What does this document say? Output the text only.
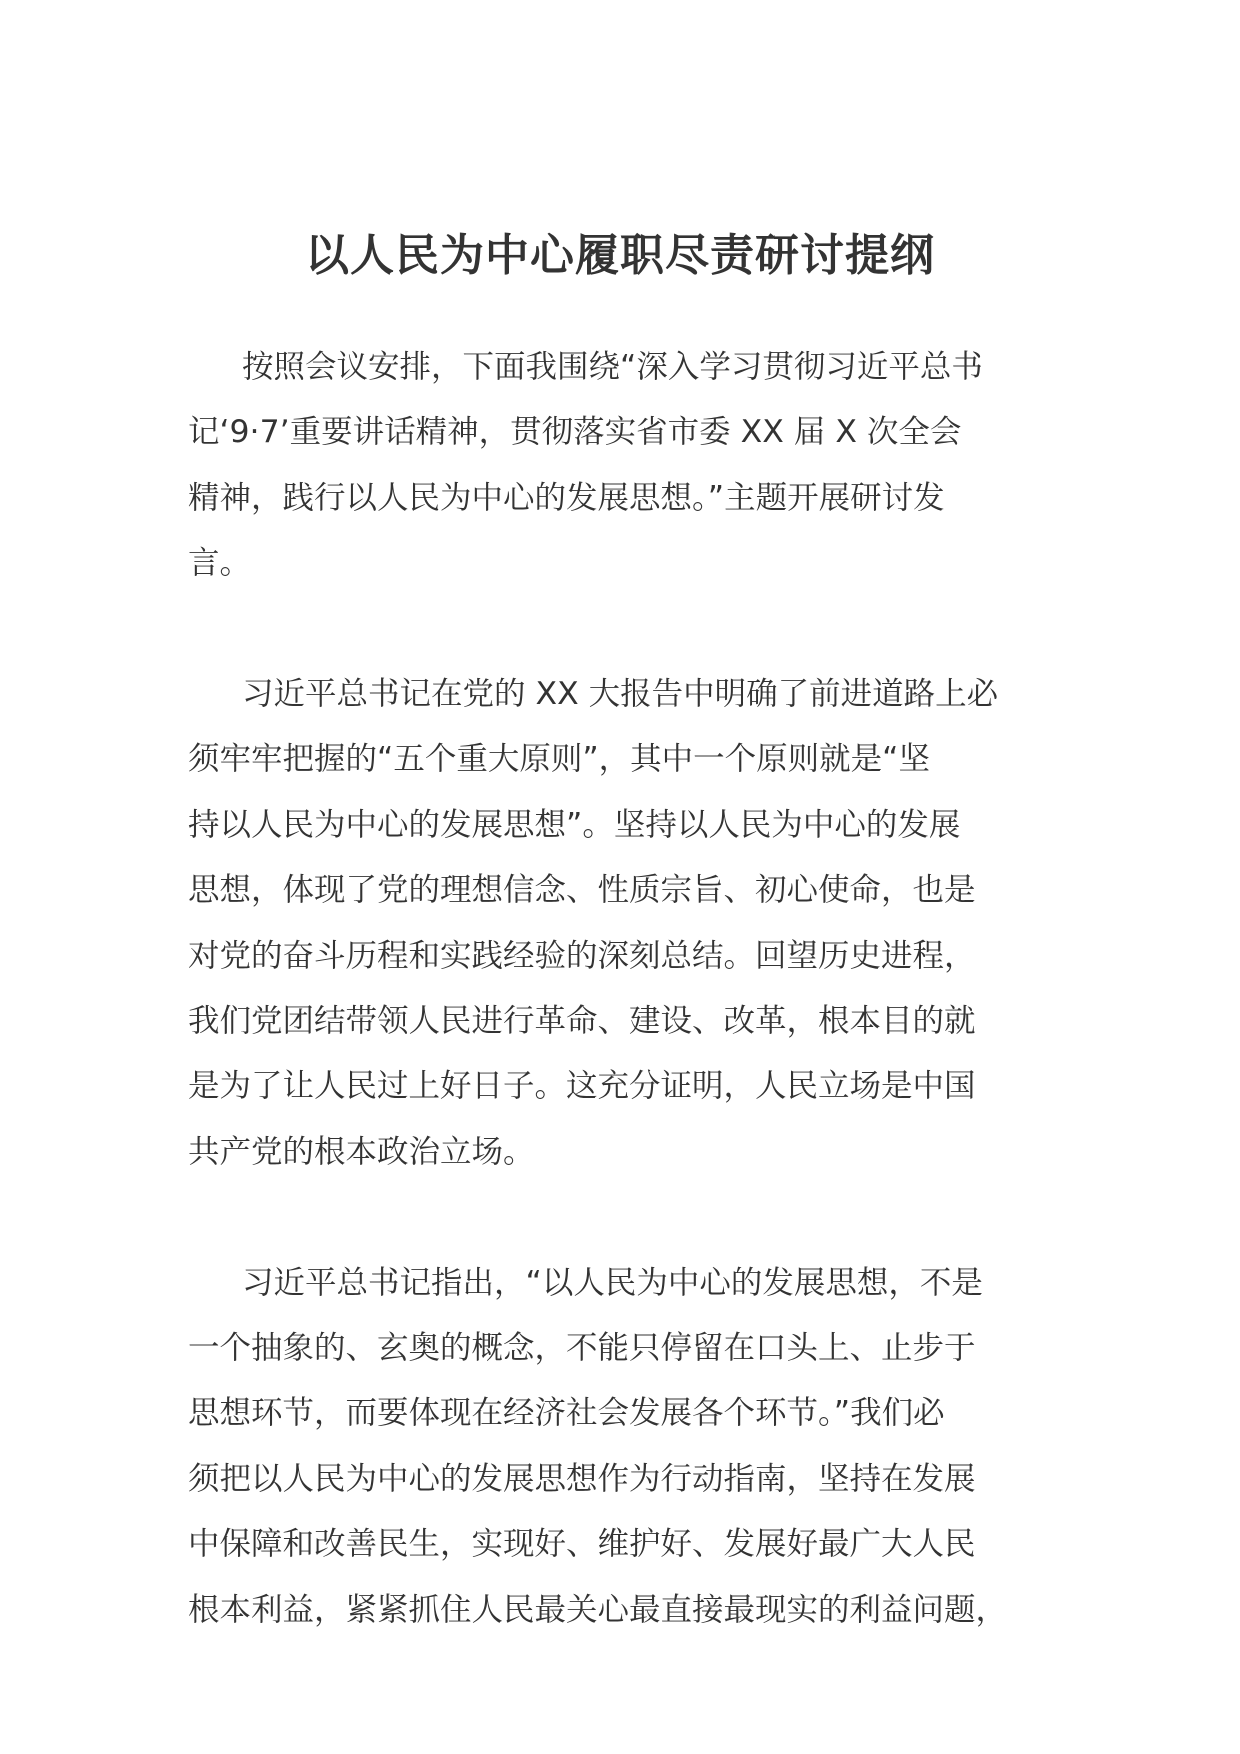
以人民为中心履职尽责研讨提纲

按照会议安排，下面我围绕“深入学习贯彻习近平总书
记‘9·7’重要讲话精神，贯彻落实省市委 XX 届 X 次全会
精神，践行以人民为中心的发展思想。”主题开展研讨发
言。

习近平总书记在党的 XX 大报告中明确了前进道路上必
须牢牢把握的“五个重大原则”，其中一个原则就是“坚
持以人民为中心的发展思想”。坚持以人民为中心的发展
思想，体现了党的理想信念、性质宗旨、初心使命，也是
对党的奋斗历程和实践经验的深刻总结。回望历史进程，
我们党团结带领人民进行革命、建设、改革，根本目的就
是为了让人民过上好日子。这充分证明，人民立场是中国
共产党的根本政治立场。

习近平总书记指出，“以人民为中心的发展思想，不是
一个抽象的、玄奥的概念，不能只停留在口头上、止步于
思想环节，而要体现在经济社会发展各个环节。”我们必
须把以人民为中心的发展思想作为行动指南，坚持在发展
中保障和改善民生，实现好、维护好、发展好最广大人民
根本利益，紧紧抓住人民最关心最直接最现实的利益问题，
